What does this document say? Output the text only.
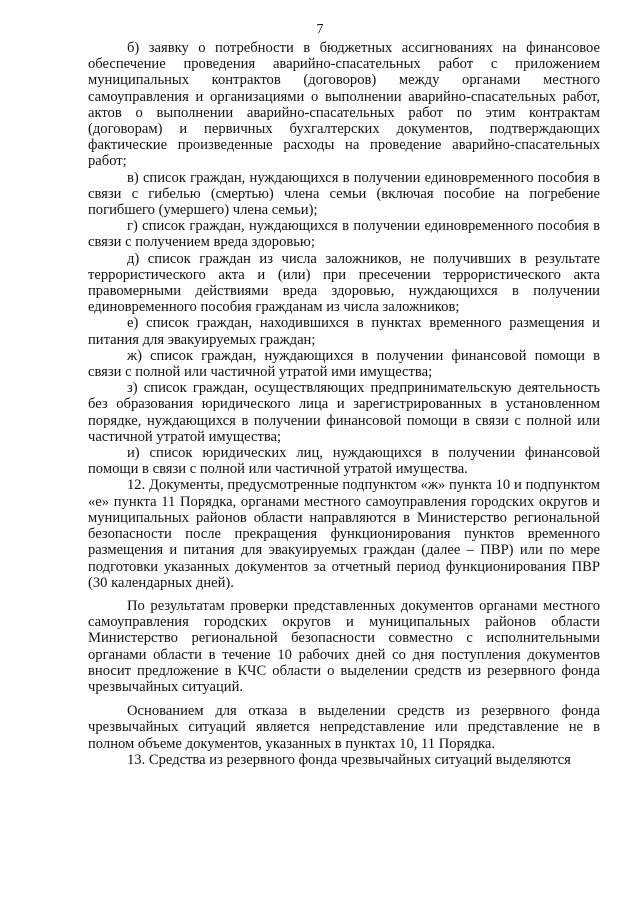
7

б) заявку о потребности в бюджетных ассигнованиях на финансовое обеспечение проведения аварийно-спасательных работ с приложением муниципальных контрактов (договоров) между органами местного самоуправления и организациями о выполнении аварийно-спасательных работ, актов о выполнении аварийно-спасательных работ по этим контрактам (договорам) и первичных бухгалтерских документов, подтверждающих фактические произведенные расходы на проведение аварийно-спасательных работ;

в) список граждан, нуждающихся в получении единовременного пособия в связи с гибелью (смертью) члена семьи (включая пособие на погребение погибшего (умершего) члена семьи);

г) список граждан, нуждающихся в получении единовременного пособия в связи с получением вреда здоровью;

д) список граждан из числа заложников, не получивших в результате террористического акта и (или) при пресечении террористического акта правомерными действиями вреда здоровью, нуждающихся в получении единовременного пособия гражданам из числа заложников;

е) список граждан, находившихся в пунктах временного размещения и питания для эвакуируемых граждан;

ж) список граждан, нуждающихся в получении финансовой помощи в связи с полной или частичной утратой ими имущества;

з) список граждан, осуществляющих предпринимательскую деятельность без образования юридического лица и зарегистрированных в установленном порядке, нуждающихся в получении финансовой помощи в связи с полной или частичной утратой имущества;

и) список юридических лиц, нуждающихся в получении финансовой помощи в связи с полной или частичной утратой имущества.

12. Документы, предусмотренные подпунктом «ж» пункта 10 и подпунктом «е» пункта 11 Порядка, органами местного самоуправления городских округов и муниципальных районов области направляются в Министерство региональной безопасности после прекращения функционирования пунктов временного размещения и питания для эвакуируемых граждан (далее – ПВР) или по мере подготовки указанных документов за отчетный период функционирования ПВР (30 календарных дней).

По результатам проверки представленных документов органами местного самоуправления городских округов и муниципальных районов области Министерство региональной безопасности совместно с исполнительными органами области в течение 10 рабочих дней со дня поступления документов вносит предложение в КЧС области о выделении средств из резервного фонда чрезвычайных ситуаций.

Основанием для отказа в выделении средств из резервного фонда чрезвычайных ситуаций является непредставление или представление не в полном объеме документов, указанных в пунктах 10, 11 Порядка.

13. Средства из резервного фонда чрезвычайных ситуаций выделяются
